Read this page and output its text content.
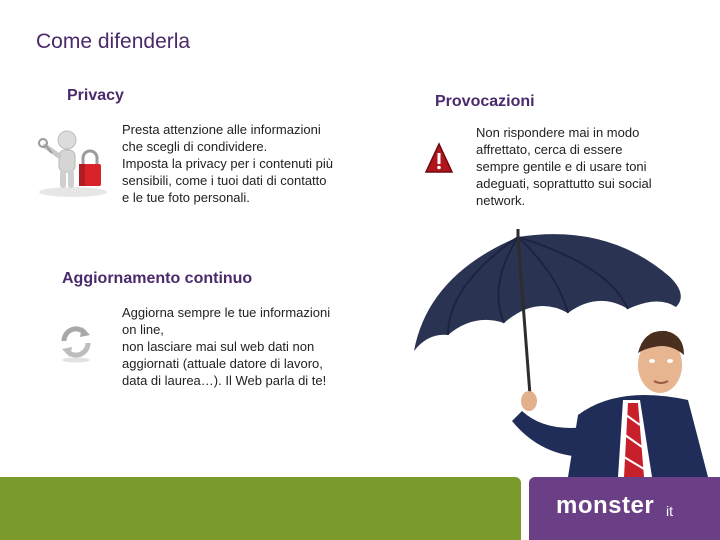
Come difenderla
Privacy
Presta attenzione alle informazioni
che scegli di condividere.
Imposta la privacy per i contenuti più
sensibili, come i tuoi dati di contatto
e le tue foto personali.
Provocazioni
Non rispondere mai in modo
affrettato, cerca di essere
sempre gentile e di usare toni
adeguati, soprattutto sui social
network.
Aggiornamento continuo
Aggiorna sempre le tue informazioni
on line,
non lasciare mai sul web dati non
aggiornati (attuale datore di lavoro,
data di laurea…). Il Web parla di te!
monster it
